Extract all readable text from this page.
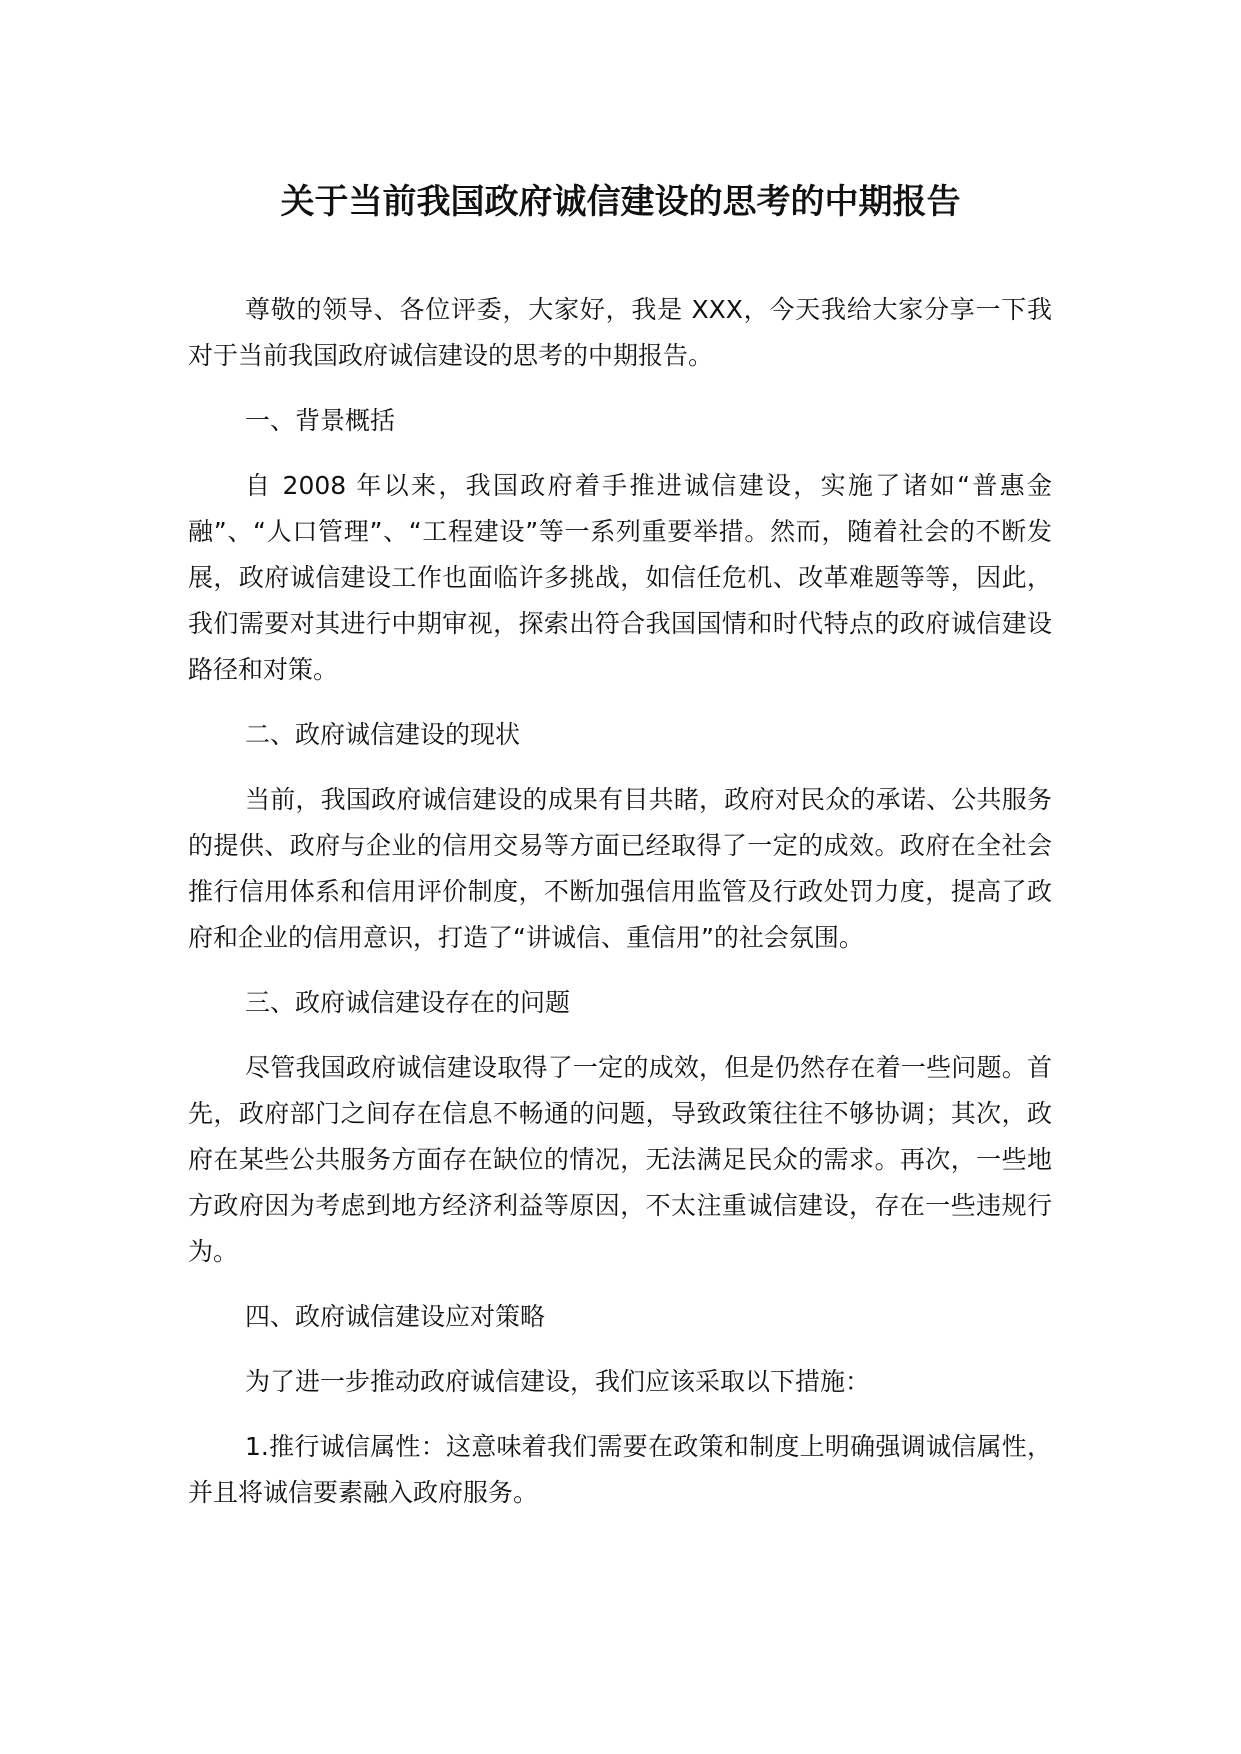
关于当前我国政府诚信建设的思考的中期报告

尊敬的领导、各位评委，大家好，我是 XXX，今天我给大家分享一下我对于当前我国政府诚信建设的思考的中期报告。

一、背景概括

自 2008 年以来，我国政府着手推进诚信建设，实施了诸如“普惠金融”、“人口管理”、“工程建设”等一系列重要举措。然而，随着社会的不断发展，政府诚信建设工作也面临许多挑战，如信任危机、改革难题等等，因此，我们需要对其进行中期审视，探索出符合我国国情和时代特点的政府诚信建设路径和对策。

二、政府诚信建设的现状

当前，我国政府诚信建设的成果有目共睹，政府对民众的承诺、公共服务的提供、政府与企业的信用交易等方面已经取得了一定的成效。政府在全社会推行信用体系和信用评价制度，不断加强信用监管及行政处罚力度，提高了政府和企业的信用意识，打造了“讲诚信、重信用”的社会氛围。

三、政府诚信建设存在的问题

尽管我国政府诚信建设取得了一定的成效，但是仍然存在着一些问题。首先，政府部门之间存在信息不畅通的问题，导致政策往往不够协调；其次，政府在某些公共服务方面存在缺位的情况，无法满足民众的需求。再次，一些地方政府因为考虑到地方经济利益等原因，不太注重诚信建设，存在一些违规行为。

四、政府诚信建设应对策略

为了进一步推动政府诚信建设，我们应该采取以下措施：

1.推行诚信属性：这意味着我们需要在政策和制度上明确强调诚信属性，并且将诚信要素融入政府服务。
